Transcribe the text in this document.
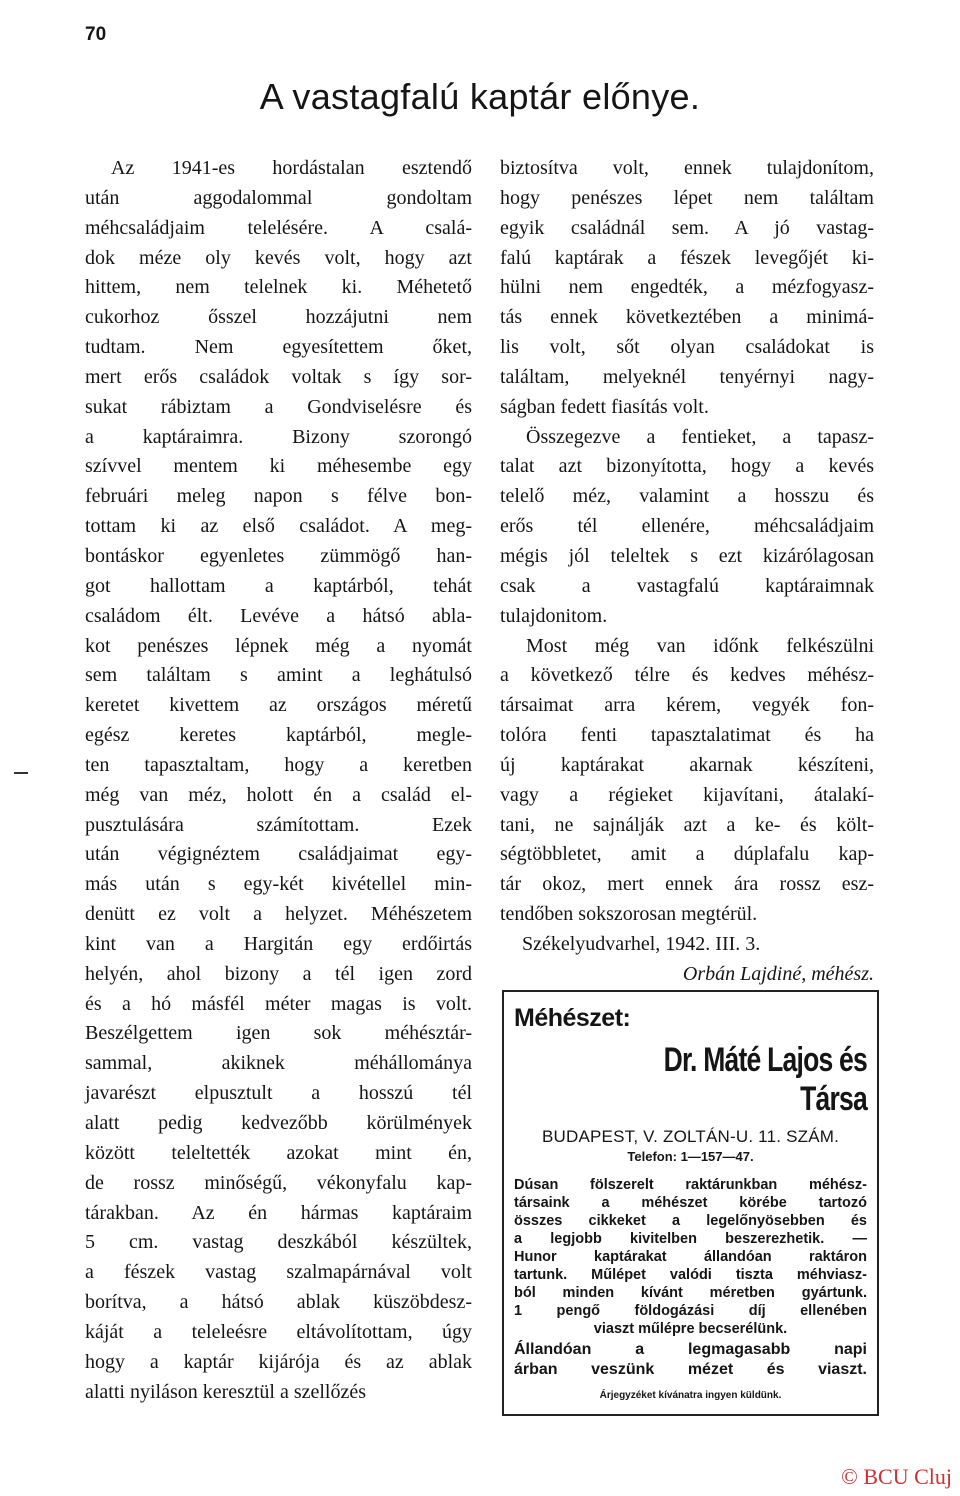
70
A vastagfalú kaptár előnye.
Az 1941-es hordástalan esztendő
után aggodalommal gondoltam
méhcsaládjaim telelésére. A csalá-
dok méze oly kevés volt, hogy azt
hittem, nem telelnek ki. Méhetető
cukorhoz ősszel hozzájutni nem
tudtam. Nem egyesítettem őket,
mert erős családok voltak s így sor-
sukat rábiztam a Gondviselésre és
a kaptáraimra. Bizony szorongó
szívvel mentem ki méhesembe egy
februári meleg napon s félve bon-
tottam ki az első családot. A meg-
bontáskor egyenletes zümmögő han-
got hallottam a kaptárból, tehát
családom élt. Levéve a hátsó abla-
kot penészes lépnek még a nyomát
sem találtam s amint a leghátulsó
keretet kivettem az országos méretű
egész keretes kaptárból, megle-
ten tapasztaltam, hogy a keretben
még van méz, holott én a család el-
pusztulására számítottam. Ezek
után végignéztem családjaimat egy-
más után s egy-két kivétellel min-
denütt ez volt a helyzet. Méhészetem
kint van a Hargitán egy erdőirtás
helyén, ahol bizony a tél igen zord
és a hó másfél méter magas is volt.
Beszélgettem igen sok méhésztár-
sammal, akiknek méhállománya
javarészt elpusztult a hosszú tél
alatt pedig kedvezőbb körülmények
között teleltették azokat mint én,
de rossz minőségű, vékonyfalu kap-
tárakban. Az én hármas kaptáraim
5 cm. vastag deszkából készültek,
a fészek vastag szalmapárnával volt
borítva, a hátsó ablak küszöbdesz-
káját a teleleésre eltávolítottam, úgy
hogy a kaptár kijárója és az ablak
alatti nyiláson keresztül a szellőzés
biztosítva volt, ennek tulajdonítom,
hogy penészes lépet nem találtam
egyik családnál sem. A jó vastag-
falú kaptárak a fészek levegőjét ki-
hülni nem engedték, a mézfogyasz-
tás ennek következtében a minimá-
lis volt, sőt olyan családokat is
találtam, melyeknél tenyérnyi nagy-
ságban fedett fiasítás volt.
Összegezve a fentieket, a tapasz-
talat azt bizonyította, hogy a kevés
telelő méz, valamint a hosszu és
erős tél ellenére, méhcsaládjaim
mégis jól teleltek s ezt kizárólagosan
csak a vastagfalú kaptáraimnak
tulajdonitom.
Most még van időnk felkészülni
a következő télre és kedves méhész-
társaimat arra kérem, vegyék fon-
tolóra fenti tapasztalatimat és ha
új kaptárakat akarnak készíteni,
vagy a régieket kijavítani, átalakí-
tani, ne sajnálják azt a ke- és költ-
ségtöbbletet, amit a dúplafalu kap-
tár okoz, mert ennek ára rossz esz-
tendőben sokszorosan megtérül.
Székelyudvarhel, 1942. III. 3.
Orbán Lajdiné, méhész.
Méhészet:
Dr. Máté Lajos és Társa
BUDAPEST, V. ZOLTÁN-U. 11. SZÁM.
Telefon: 1—157—47.
Dúsan fölszerelt raktárunkban méhész-
társaink a méhészet körébe tartozó
összes cikkeket a legelőnyösebben és
a legjobb kivitelben beszerezhetik. —
Hunor kaptárakat állandóan raktáron
tartunk. Műlépet valódi tiszta méhviasz-
ból minden kívánt méretben gyártunk.
1 pengő földogázási díj ellenében
viaszt műlépre becserélünk.
Állandóan a legmagasabb napi
árban veszünk mézet és viaszt.
Árjegyzéket kívánatra ingyen küldünk.
© BCU Cluj
